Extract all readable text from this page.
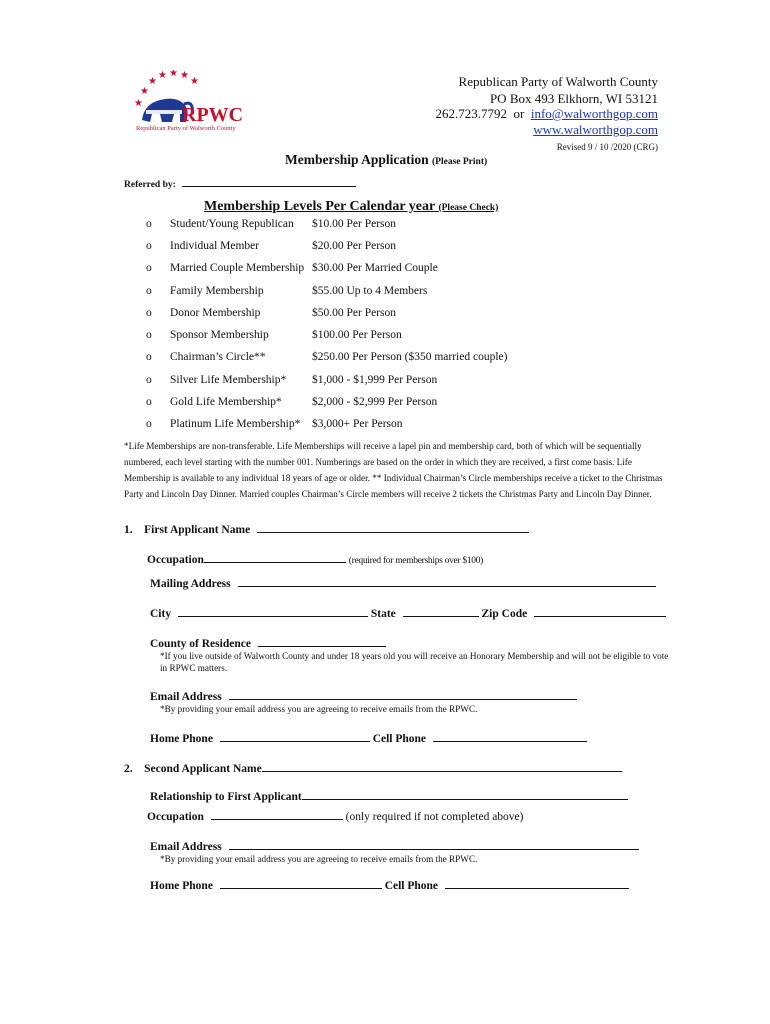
★
★
★ ★ ★
★
★
RPWC
Republican Party of Walworth County
Republican Party of Walworth County
PO Box 493 Elkhorn, WI 53121
262.723.7792 or info@walworthgop.com
www.walworthgop.com
Revised 9 / 10 /2020 (CRG)
Membership Application (Please Print)
Referred by:
Membership Levels Per Calendar year (Please Check)
o Student/Young Republican $10.00 Per Person
o Individual Member	$20.00 Per Person
o Married Couple Membership $30.00 Per Married Couple
o Family Membership	$55.00 Up to 4 Members
o Donor Membership	$50.00 Per Person
o Sponsor Membership	$100.00 Per Person
o Chairman’s Circle**	$250.00 Per Person ($350 married couple)
o Silver Life Membership* $1,000 - $1,999 Per Person
o Gold Life Membership*	$2,000 - $2,999 Per Person
o Platinum Life Membership* $3,000+ Per Person
*Life Memberships are non-transferable. Life Memberships will receive a lapel pin and membership card, both of which will be sequentially numbered, each level starting with the number 001. Numberings are based on the order in which they are received, a first come basis. Life Membership is available to any individual 18 years of age or older. ** Individual Chairman’s Circle memberships receive a ticket to the Christmas Party and Lincoln Day Dinner. Married couples Chairman’s Circle members will receive 2 tickets the Christmas Party and Lincoln Day Dinner.
1. First Applicant Name
Occupation	(required for memberships over $100)
Mailing Address
City	State	Zip Code
County of Residence
*If you live outside of Walworth County and under 18 years old you will receive an Honorary Membership and will not be eligible to vote in RPWC matters.
Email Address
*By providing your email address you are agreeing to receive emails from the RPWC.
Home Phone	Cell Phone
2. Second Applicant Name
Relationship to First Applicant
Occupation	(only required if not completed above)
Email Address
*By providing your email address you are agreeing to receive emails from the RPWC.
Home Phone	Cell Phone
